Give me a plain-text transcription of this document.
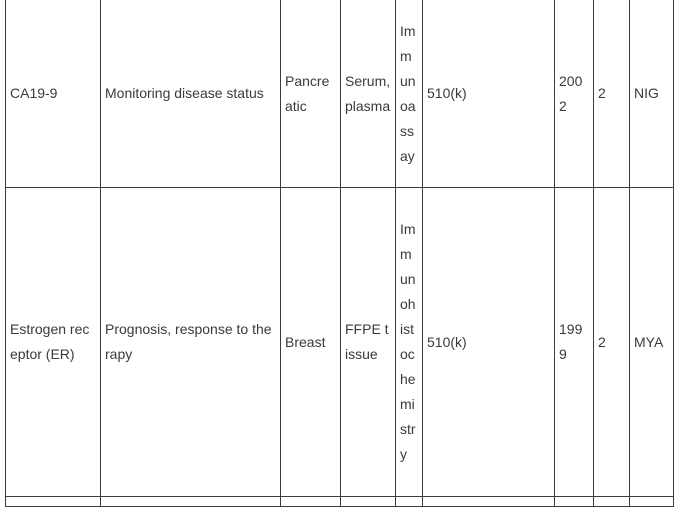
CA19-9	Monitoring disease status	Pancreatic	Serum, plasma	Immunoassay	510(k)	2002	2	NIG

Estrogen receptor (ER)	Prognosis, response to therapy	Breast	FFPE tissue	Immunohistochemistry	510(k)	1999	2	MYA
